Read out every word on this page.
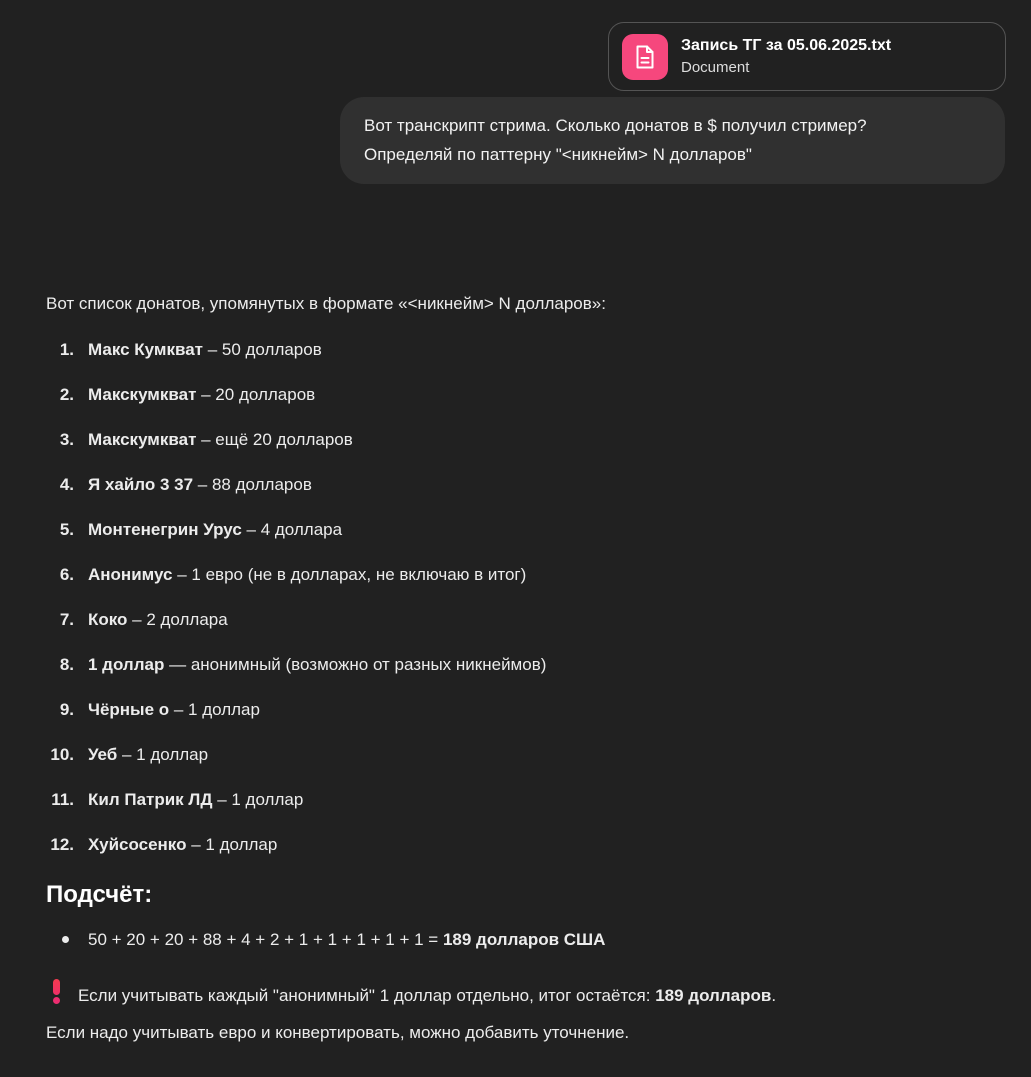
Запись ТГ за 05.06.2025.txt
Document
Вот транскрипт стрима. Сколько донатов в $ получил стример?
Определяй по паттерну "<никнейм> N долларов"
Вот список донатов, упомянутых в формате «<никнейм> N долларов»:
1. Макс Кумкват – 50 долларов
2. Макскумкват – 20 долларов
3. Макскумкват – ещё 20 долларов
4. Я хайло 3 37 – 88 долларов
5. Монтенегрин Урус – 4 доллара
6. Анонимус – 1 евро (не в долларах, не включаю в итог)
7. Коко – 2 доллара
8. 1 доллар — анонимный (возможно от разных никнеймов)
9. Чёрные о – 1 доллар
10. Уеб – 1 доллар
11. Кил Патрик ЛД – 1 доллар
12. Хуйсосенко – 1 доллар
Подсчёт:
50 + 20 + 20 + 88 + 4 + 2 + 1 + 1 + 1 + 1 + 1 = 189 долларов США

Если учитывать каждый "анонимный" 1 доллар отдельно, итог остаётся: 189 долларов.
Если надо учитывать евро и конвертировать, можно добавить уточнение.
